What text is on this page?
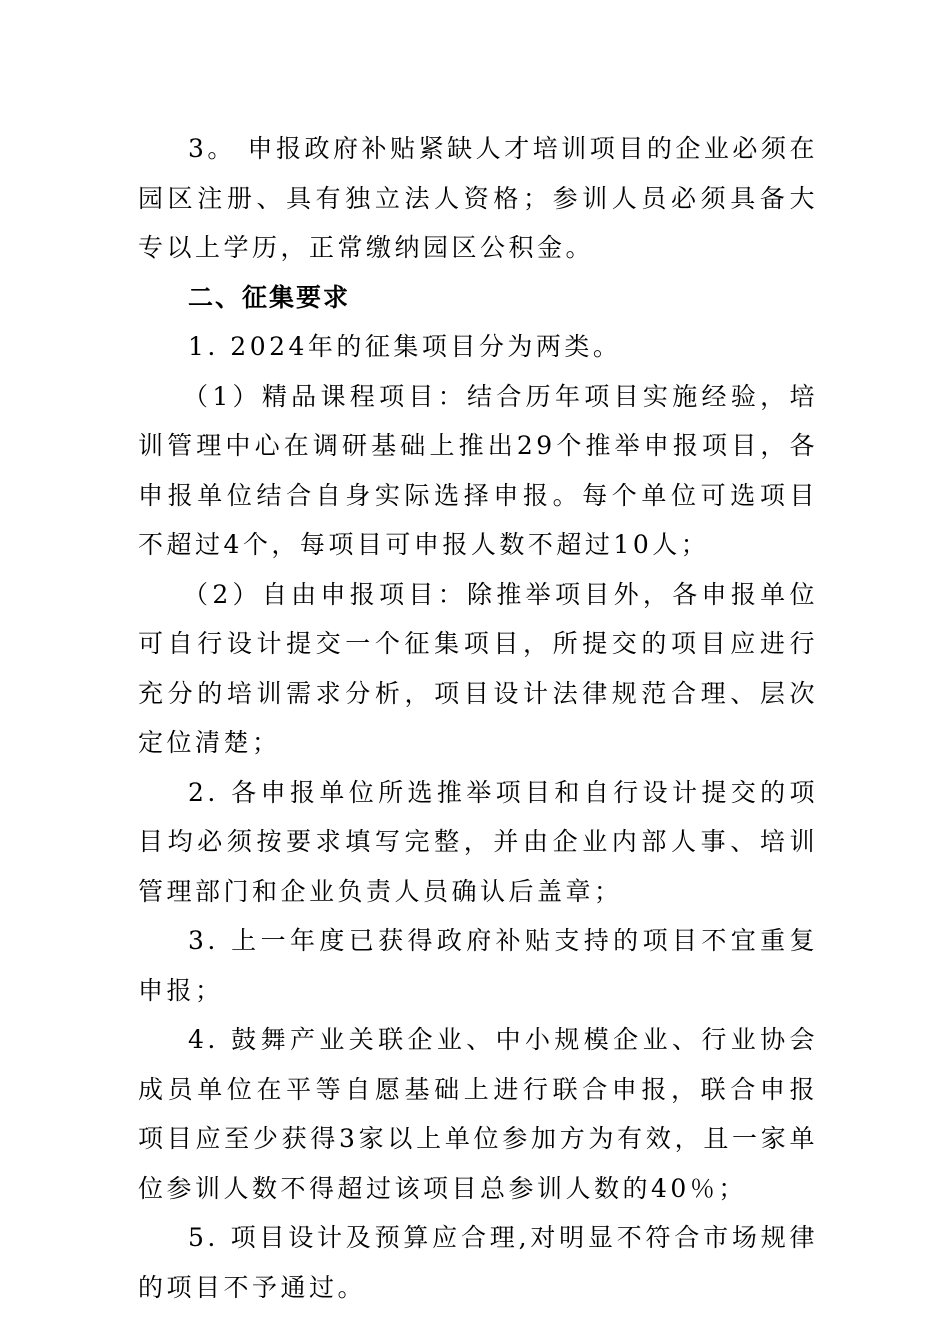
3。 申报政府补贴紧缺人才培训项目的企业必须在园区注册、具有独立法人资格；参训人员必须具备大专以上学历，正常缴纳园区公积金。

二、征集要求

1. 2024年的征集项目分为两类。

（1）精品课程项目：结合历年项目实施经验，培训管理中心在调研基础上推出29个推举申报项目，各申报单位结合自身实际选择申报。每个单位可选项目不超过4个，每项目可申报人数不超过10人；

（2）自由申报项目：除推举项目外，各申报单位可自行设计提交一个征集项目，所提交的项目应进行充分的培训需求分析，项目设计法律规范合理、层次定位清楚；

2. 各申报单位所选推举项目和自行设计提交的项目均必须按要求填写完整，并由企业内部人事、培训管理部门和企业负责人员确认后盖章；

3. 上一年度已获得政府补贴支持的项目不宜重复申报；

4. 鼓舞产业关联企业、中小规模企业、行业协会成员单位在平等自愿基础上进行联合申报，联合申报项目应至少获得3家以上单位参加方为有效，且一家单位参训人数不得超过该项目总参训人数的40％；

5. 项目设计及预算应合理,对明显不符合市场规律的项目不予通过。
